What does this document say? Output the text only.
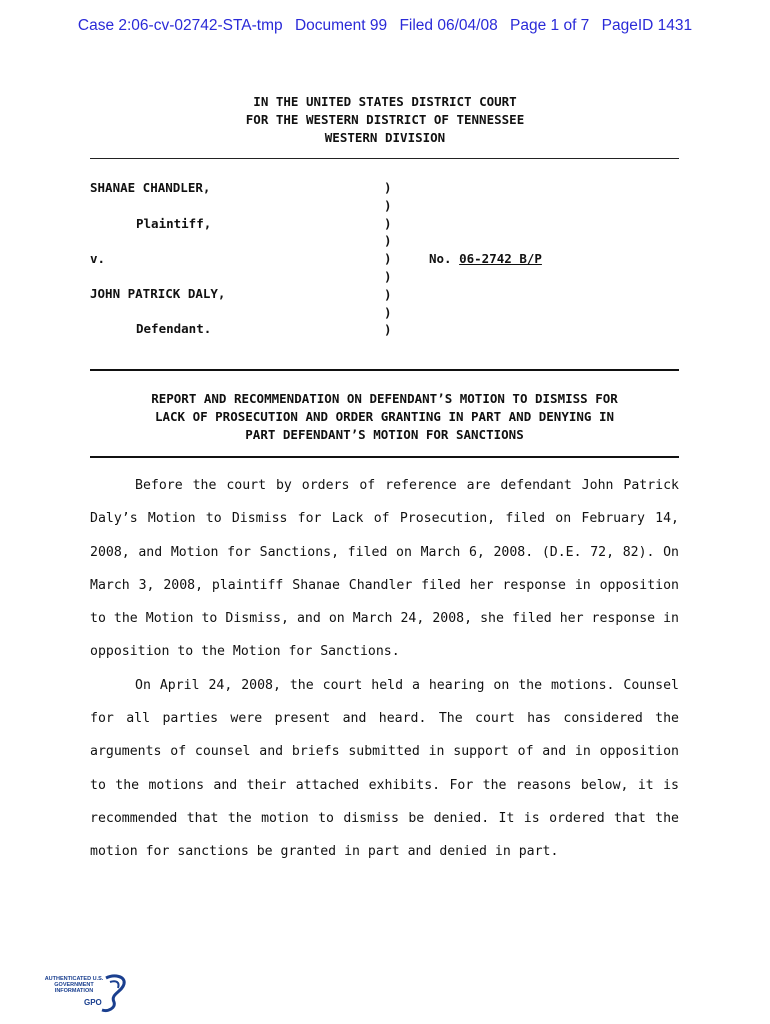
Case 2:06-cv-02742-STA-tmp Document 99 Filed 06/04/08 Page 1 of 7 PageID 1431
IN THE UNITED STATES DISTRICT COURT
FOR THE WESTERN DISTRICT OF TENNESSEE
WESTERN DIVISION
SHANAE CHANDLER,
Plaintiff,
v.
JOHN PATRICK DALY,
Defendant.
)
)
)
)
)
)
)
)
)
No. 06-2742 B/P
REPORT AND RECOMMENDATION ON DEFENDANT’S MOTION TO DISMISS FOR
LACK OF PROSECUTION AND ORDER GRANTING IN PART AND DENYING IN
PART DEFENDANT’S MOTION FOR SANCTIONS

Before the court by orders of reference are defendant John Patrick Daly’s Motion to Dismiss for Lack of Prosecution, filed on February 14, 2008, and Motion for Sanctions, filed on March 6, 2008. (D.E. 72, 82). On March 3, 2008, plaintiff Shanae Chandler filed her response in opposition to the Motion to Dismiss, and on March 24, 2008, she filed her response in opposition to the Motion for Sanctions.

On April 24, 2008, the court held a hearing on the motions. Counsel for all parties were present and heard. The court has considered the arguments of counsel and briefs submitted in support of and in opposition to the motions and their attached exhibits. For the reasons below, it is recommended that the motion to dismiss be denied. It is ordered that the motion for sanctions be granted in part and denied in part.

AUTHENTICATED U.S. GOVERNMENT INFORMATION
GPO
